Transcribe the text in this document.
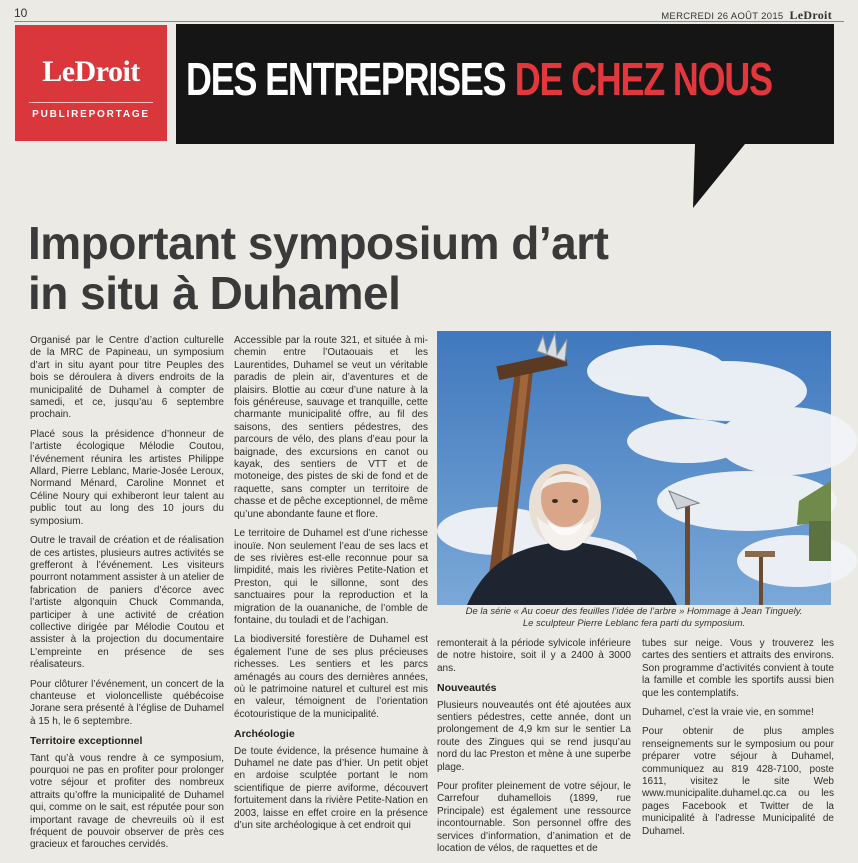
10	MERCREDI 26 AOÛT 2015 LeDroit
LeDroit
PUBLIREPORTAGE
DES ENTREPRISES DE CHEZ NOUS
Important symposium d’art
in situ à Duhamel

Organisé par le Centre d’action culturelle de la MRC de Papineau, un symposium d’art in situ ayant pour titre Peuples des bois se déroulera à divers endroits de la municipalité de Duhamel à compter de samedi, et ce, jusqu’au 6 septembre prochain.

Placé sous la présidence d’honneur de l’artiste écologique Mélodie Coutou, l’événement réunira les artistes Philippe Allard, Pierre Leblanc, Marie-Josée Leroux, Normand Ménard, Caroline Monnet et Céline Noury qui exhiberont leur talent au public tout au long des 10 jours du symposium.

Outre le travail de création et de réalisation de ces artistes, plusieurs autres activités se grefferont à l’événement. Les visiteurs pourront notamment assister à un atelier de fabrication de paniers d’écorce avec l’artiste algonquin Chuck Commanda, participer à une activité de création collective dirigée par Mélodie Coutou et assister à la projection du documentaire L’empreinte en présence de ses réalisateurs.

Pour clôturer l’événement, un concert de la chanteuse et violoncelliste québécoise Jorane sera présenté à l’église de Duhamel à 15 h, le 6 septembre.

Territoire exceptionnel

Tant qu’à vous rendre à ce symposium, pourquoi ne pas en profiter pour prolonger votre séjour et profiter des nombreux attraits qu’offre la municipalité de Duhamel qui, comme on le sait, est réputée pour son important ravage de chevreuils où il est fréquent de pouvoir observer de près ces gracieux et farouches cervidés.

Accessible par la route 321, et située à mi-chemin entre l’Outaouais et les Laurentides, Duhamel se veut un véritable paradis de plein air, d’aventures et de plaisirs. Blottie au cœur d’une nature à la fois généreuse, sauvage et tranquille, cette charmante municipalité offre, au fil des saisons, des sentiers pédestres, des parcours de vélo, des plans d’eau pour la baignade, des excursions en canot ou kayak, des sentiers de VTT et de motoneige, des pistes de ski de fond et de raquette, sans compter un territoire de chasse et de pêche exceptionnel, de même qu’une abondante faune et flore.

Le territoire de Duhamel est d’une richesse inouïe. Non seulement l’eau de ses lacs et de ses rivières est-elle reconnue pour sa limpidité, mais les rivières Petite-Nation et Preston, qui le sillonne, sont des sanctuaires pour la reproduction et la migration de la ouananiche, de l’omble de fontaine, du touladi et de l’achigan.

La biodiversité forestière de Duhamel est également l’une de ses plus précieuses richesses. Les sentiers et les parcs aménagés au cours des dernières années, où le patrimoine naturel et culturel est mis en valeur, témoignent de l’orientation écotouristique de la municipalité.

Archéologie

De toute évidence, la présence humaine à Duhamel ne date pas d’hier. Un petit objet en ardoise sculptée portant le nom scientifique de pierre aviforme, découvert fortuitement dans la rivière Petite-Nation en 2003, laisse en effet croire en la présence d’un site archéologique à cet endroit qui

De la série « Au coeur des feuilles l’idée de l’arbre » Hommage à Jean Tinguely.
Le sculpteur Pierre Leblanc fera parti du symposium.

remonterait à la période sylvicole inférieure de notre histoire, soit il y a 2400 à 3000 ans.

Nouveautés

Plusieurs nouveautés ont été ajoutées aux sentiers pédestres, cette année, dont un prolongement de 4,9 km sur le sentier La route des Zingues qui se rend jusqu’au nord du lac Preston et mène à une superbe plage.

Pour profiter pleinement de votre séjour, le Carrefour duhamellois (1899, rue Principale) est également une ressource incontournable. Son personnel offre des services d’information, d’animation et de location de vélos, de raquettes et de

tubes sur neige. Vous y trouverez les cartes des sentiers et attraits des environs. Son programme d’activités convient à toute la famille et comble les sportifs aussi bien que les contemplatifs.

Duhamel, c’est la vraie vie, en somme!

Pour obtenir de plus amples renseignements sur le symposium ou pour préparer votre séjour à Duhamel, communiquez au 819 428-7100, poste 1611, visitez le site Web www.municipalite.duhamel.qc.ca ou les pages Facebook et Twitter de la municipalité à l’adresse Municipalité de Duhamel.
